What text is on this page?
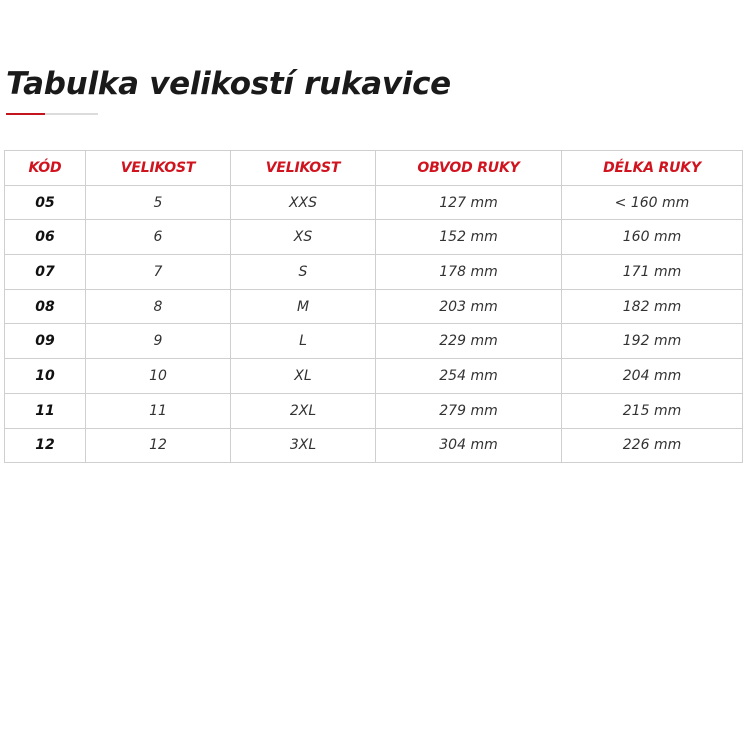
Tabulka velikostí rukavice
KÓD	VELIKOST	VELIKOST	OBVOD RUKY	DÉLKA RUKY
05	5	XXS	127 mm	< 160 mm
06	6	XS	152 mm	160 mm
07	7	S	178 mm	171 mm
08	8	M	203 mm	182 mm
09	9	L	229 mm	192 mm
10	10	XL	254 mm	204 mm
11	11	2XL	279 mm	215 mm
12	12	3XL	304 mm	226 mm
